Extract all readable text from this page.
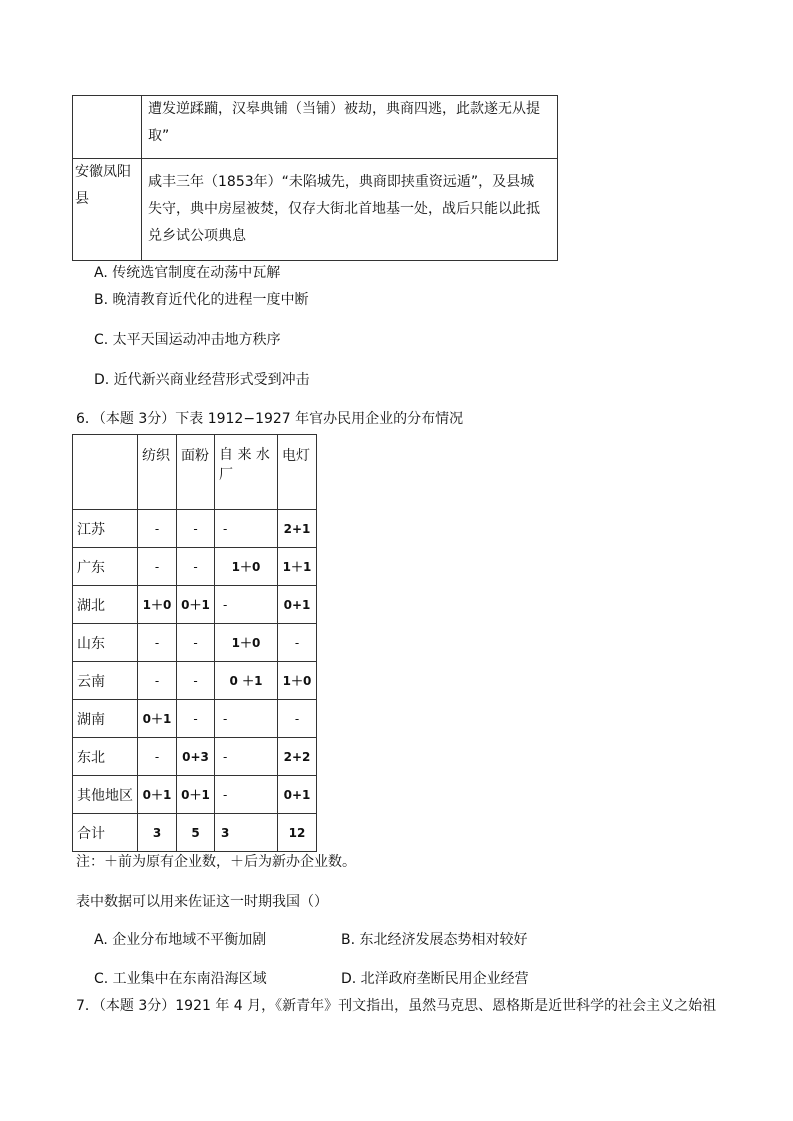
	遭发逆蹂躏，汉皋典铺（当铺）被劫，典商四逃，此款遂无从提
取”

安徽凤阳县	咸丰三年（1853年）“未陷城先，典商即挟重资远遁”，及县城
失守，典中房屋被焚，仅存大街北首地基一处，战后只能以此抵
兑乡试公项典息
A. 传统选官制度在动荡中瓦解
B. 晚清教育近代化的进程一度中断
C. 太平天国运动冲击地方秩序
D. 近代新兴商业经营形式受到冲击
6．（本题 3分）下表 1912−1927 年官办民用企业的分布情况
	纺织	面粉	自 来 水
厂	电灯
江苏	-	-	-	2+1
广东	-	-	1＋0	1＋1
湖北	1＋0	0＋1	-	0+1
山东	-	-	1＋0	-
云南	-	-	0 ＋1	1＋0
湖南	0＋1	-	-	-
东北	-	0+3	-	2+2
其他地区	0＋1	0＋1	-	0+1
合计	3	5	3	12
注：＋前为原有企业数，＋后为新办企业数。
表中数据可以用来佐证这一时期我国（）
A. 企业分布地域不平衡加剧	B. 东北经济发展态势相对较好
C. 工业集中在东南沿海区域	D. 北洋政府垄断民用企业经营
7．（本题 3分）1921 年 4 月，《新青年》刊文指出，虽然马克思、恩格斯是近世科学的社会主义之始祖
